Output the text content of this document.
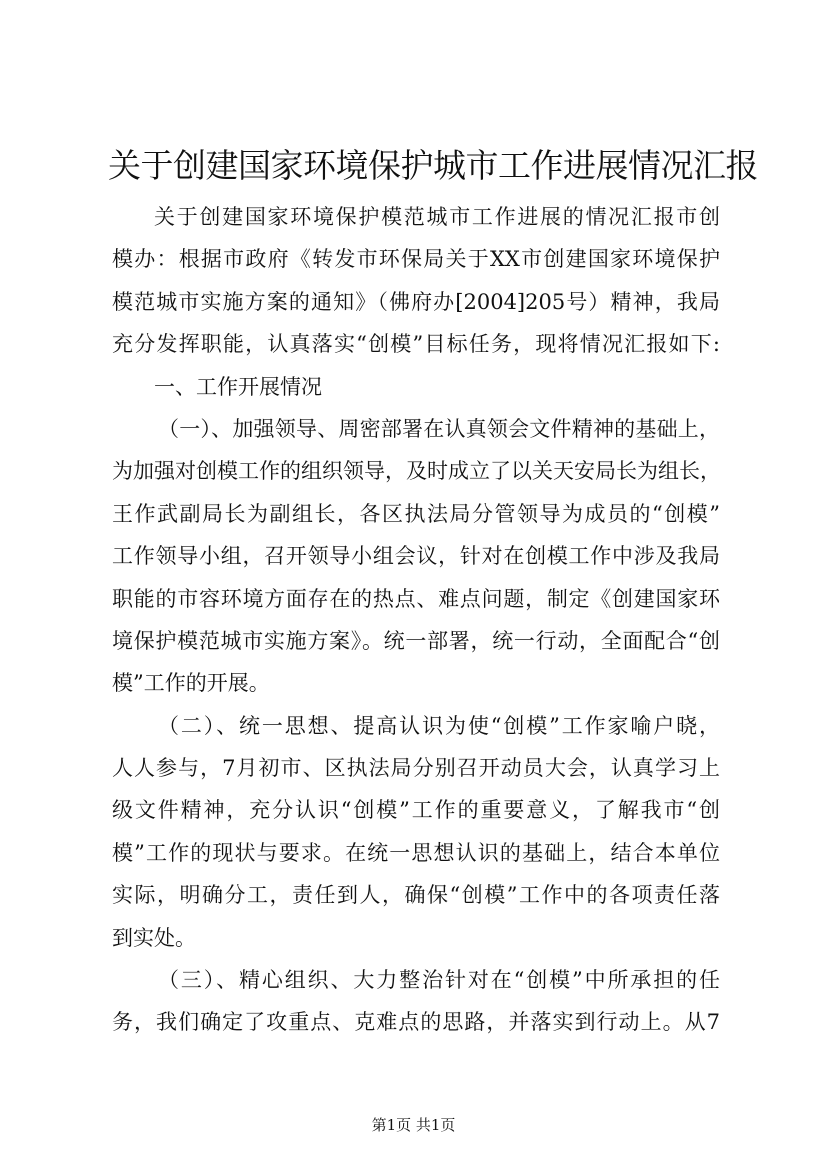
关于创建国家环境保护城市工作进展情况汇报
关于创建国家环境保护模范城市工作进展的情况汇报市创
模办：根据市政府《转发市环保局关于XX市创建国家环境保护
模范城市实施方案的通知》（佛府办[2004]205号）精神，我局
充分发挥职能，认真落实“创模”目标任务，现将情况汇报如下:
一、工作开展情况
（一）、加强领导、周密部署在认真领会文件精神的基础上，
为加强对创模工作的组织领导，及时成立了以关天安局长为组长，
王作武副局长为副组长，各区执法局分管领导为成员的“创模”
工作领导小组，召开领导小组会议，针对在创模工作中涉及我局
职能的市容环境方面存在的热点、难点问题，制定《创建国家环
境保护模范城市实施方案》。统一部署，统一行动，全面配合“创
模”工作的开展。
（二）、统一思想、提高认识为使“创模”工作家喻户晓，
人人参与，7月初市、区执法局分别召开动员大会，认真学习上
级文件精神，充分认识“创模”工作的重要意义，了解我市“创
模”工作的现状与要求。在统一思想认识的基础上，结合本单位
实际，明确分工，责任到人，确保“创模”工作中的各项责任落
到实处。
（三）、精心组织、大力整治针对在“创模”中所承担的任
务，我们确定了攻重点、克难点的思路，并落实到行动上。从7
第1页 共1页
